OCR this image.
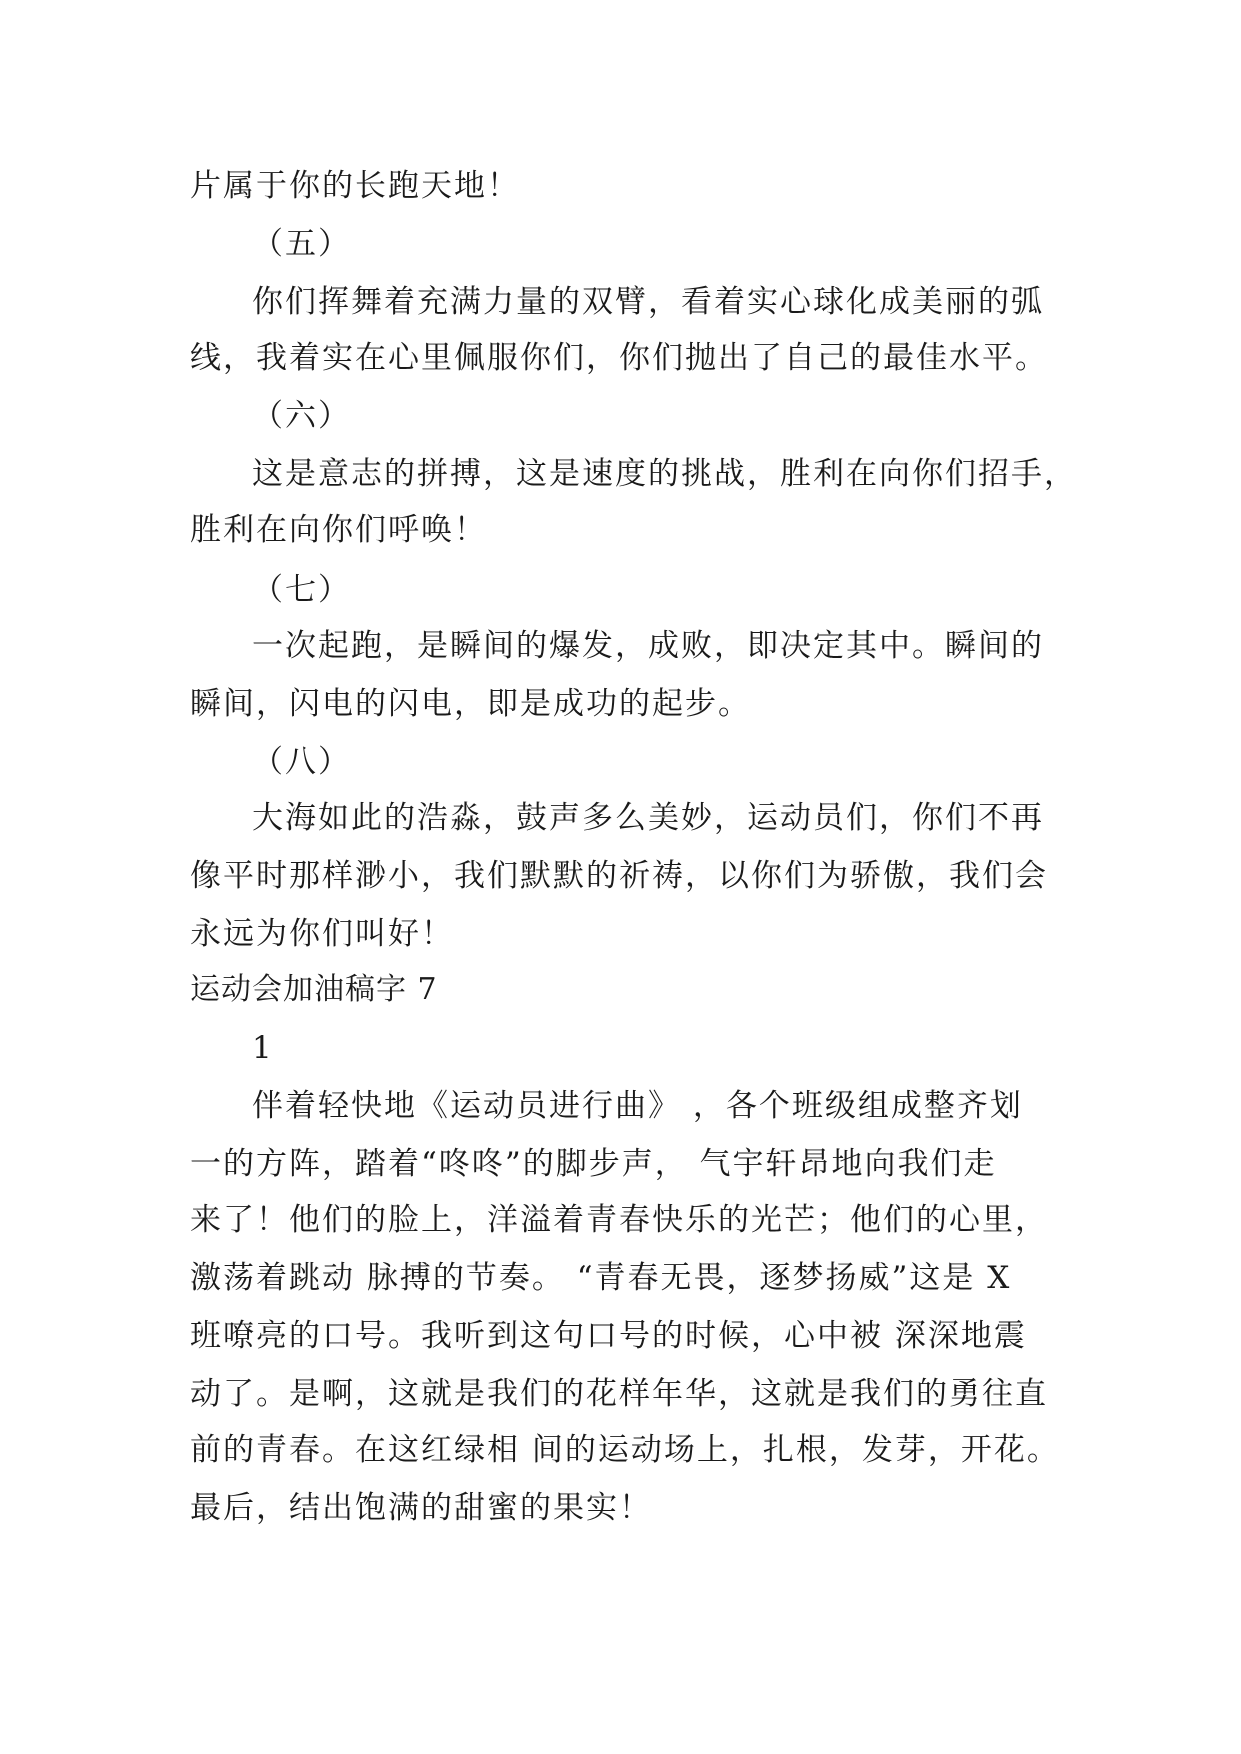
片属于你的长跑天地！
（五）
你们挥舞着充满力量的双臂，看着实心球化成美丽的弧
线，我着实在心里佩服你们，你们抛出了自己的最佳水平。
（六）
这是意志的拼搏，这是速度的挑战，胜利在向你们招手，
胜利在向你们呼唤！
（七）
一次起跑，是瞬间的爆发，成败，即决定其中。瞬间的
瞬间，闪电的闪电，即是成功的起步。
（八）
大海如此的浩淼，鼓声多么美妙，运动员们，你们不再
像平时那样渺小，我们默默的祈祷，以你们为骄傲，我们会
永远为你们叫好！
运动会加油稿字 7
1
伴着轻快地《运动员进行曲》 ，各个班级组成整齐划
一的方阵，踏着“咚咚”的脚步声， 气宇轩昂地向我们走
来了！他们的脸上，洋溢着青春快乐的光芒；他们的心里，
激荡着跳动 脉搏的节奏。 “青春无畏，逐梦扬威”这是 X
班嘹亮的口号。我听到这句口号的时候，心中被 深深地震
动了。是啊，这就是我们的花样年华，这就是我们的勇往直
前的青春。在这红绿相 间的运动场上，扎根，发芽，开花。
最后，结出饱满的甜蜜的果实！
